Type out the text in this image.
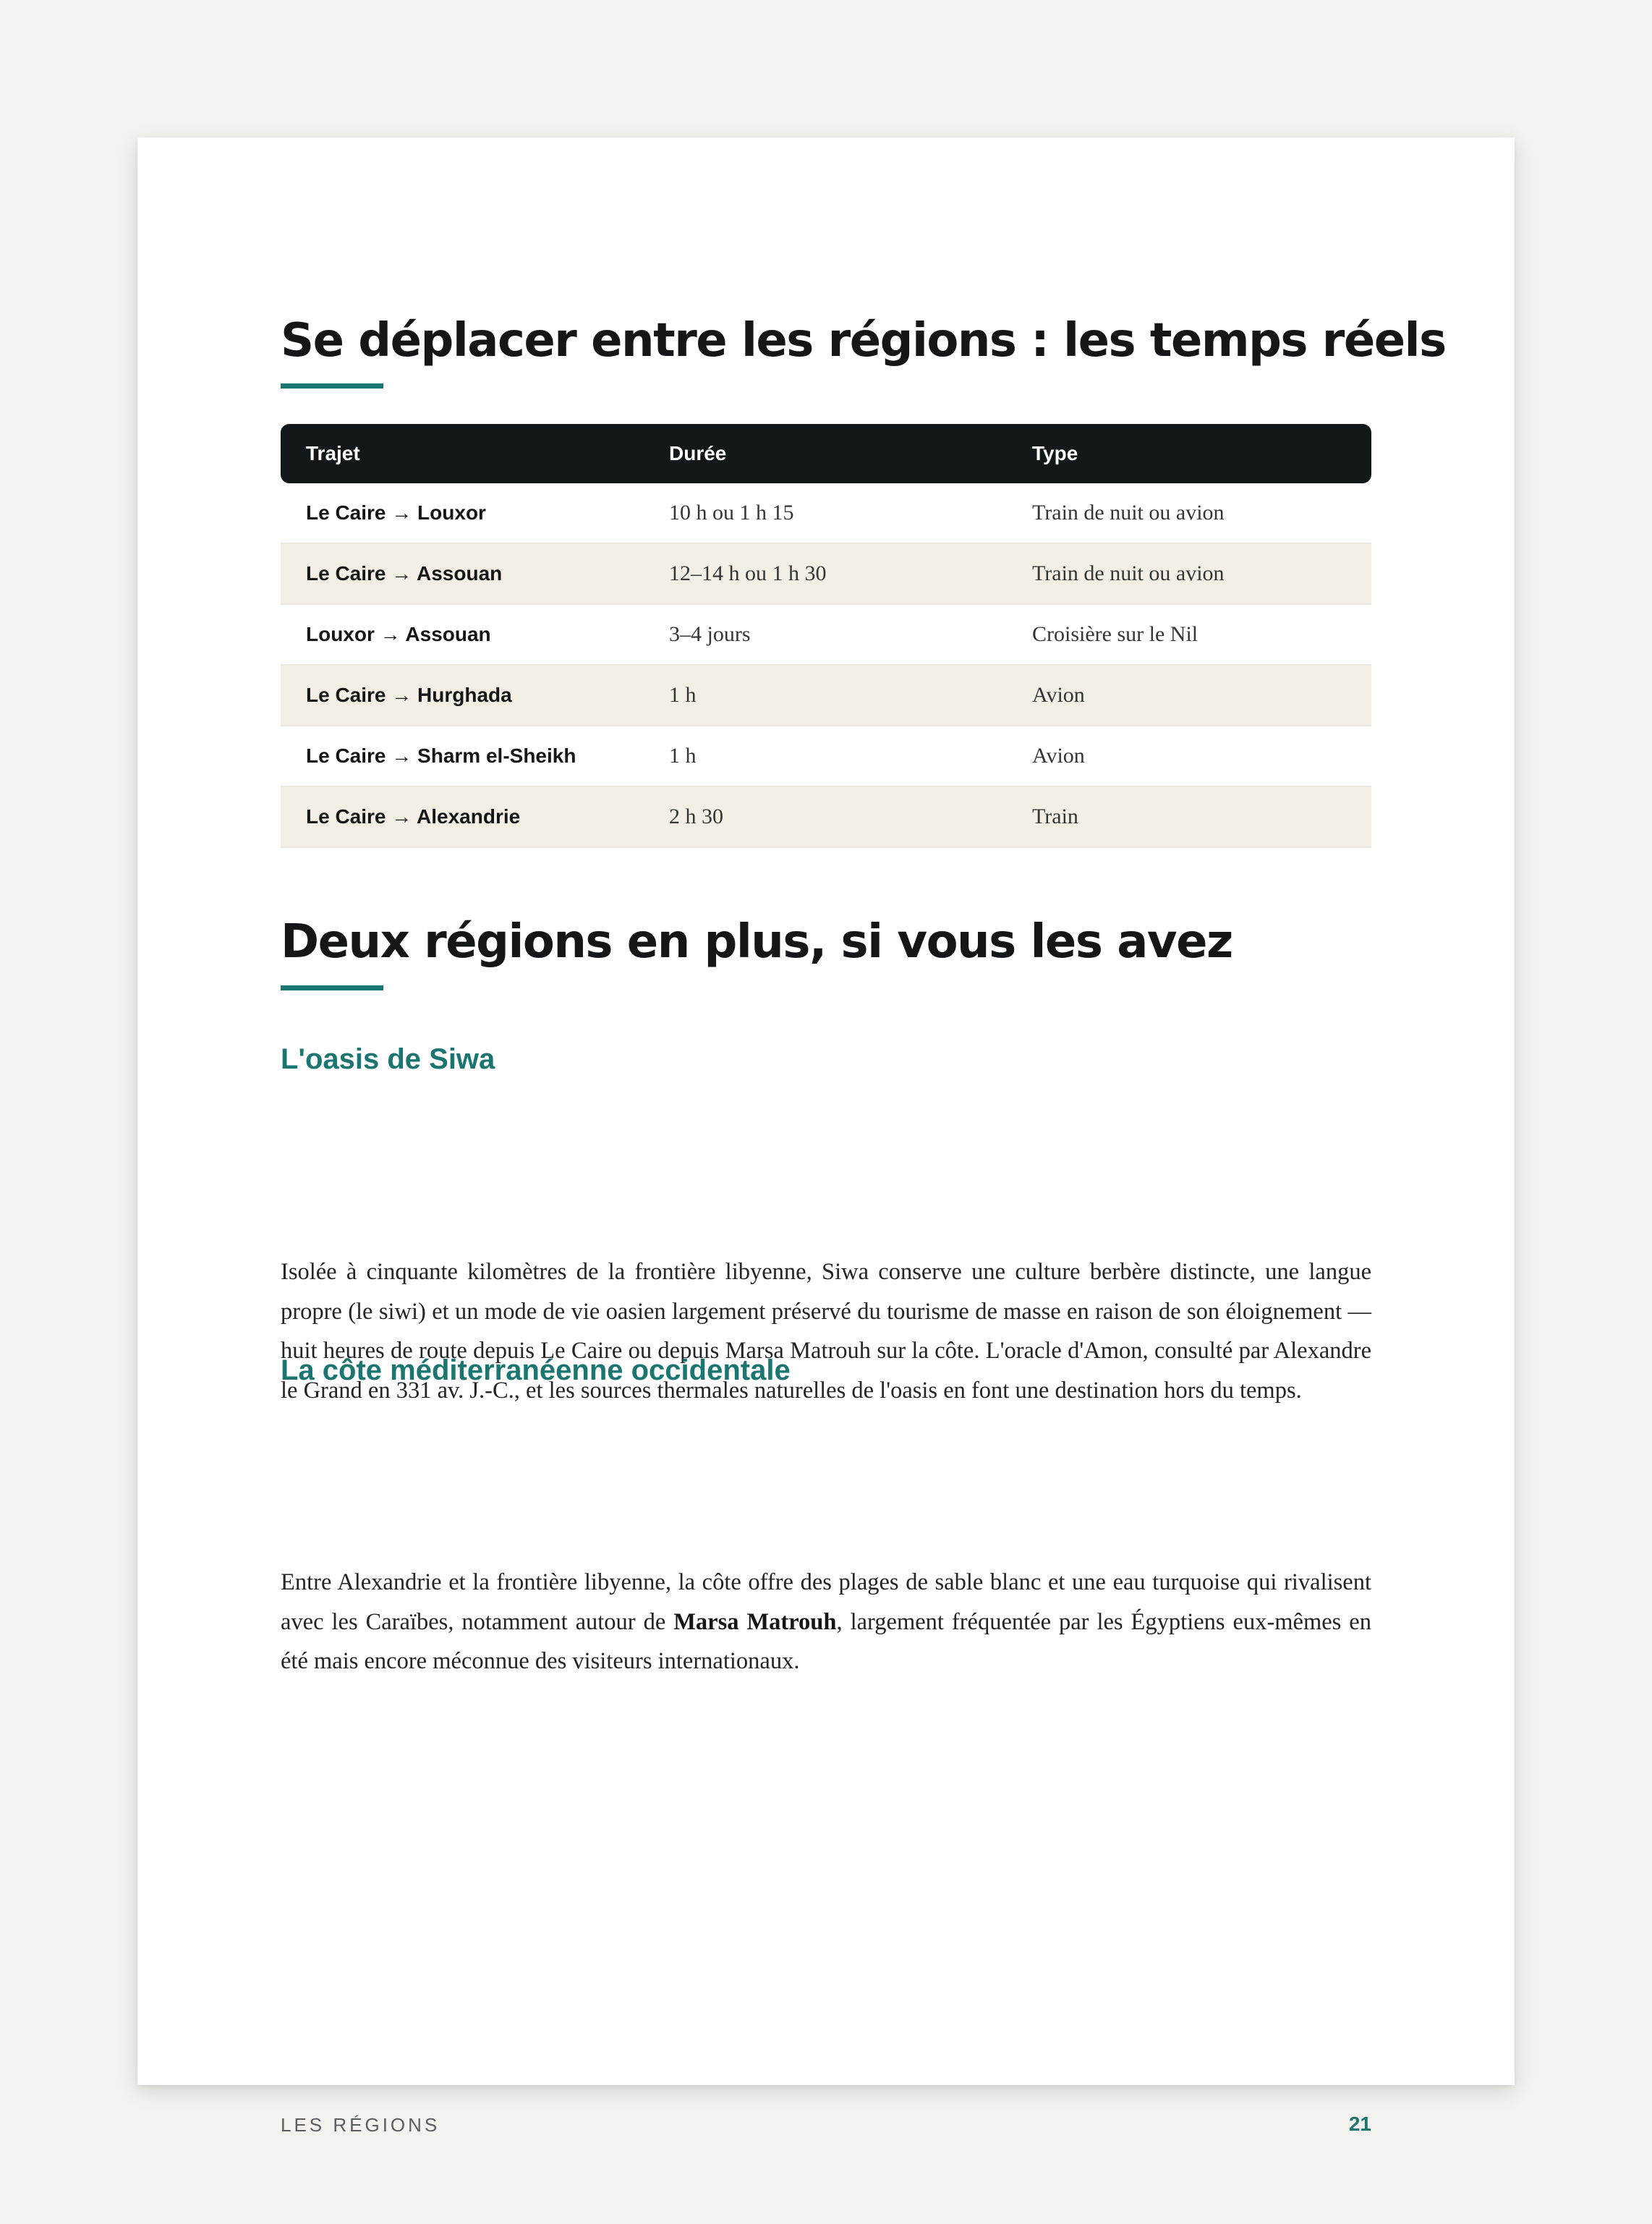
Se déplacer entre les régions : les temps réels
Trajet	Durée	Type
Le Caire → Louxor	10 h ou 1 h 15	Train de nuit ou avion
Le Caire → Assouan	12–14 h ou 1 h 30	Train de nuit ou avion
Louxor → Assouan	3–4 jours	Croisière sur le Nil
Le Caire → Hurghada	1 h	Avion
Le Caire → Sharm el-Sheikh	1 h	Avion
Le Caire → Alexandrie	2 h 30	Train
Deux régions en plus, si vous les avez
L'oasis de Siwa

Isolée à cinquante kilomètres de la frontière libyenne, Siwa conserve une culture berbère distincte, une langue propre (le siwi) et un mode de vie oasien largement préservé du tourisme de masse en raison de son éloignement — huit heures de route depuis Le Caire ou depuis Marsa Matrouh sur la côte. L'oracle d'Amon, consulté par Alexandre le Grand en 331 av. J.-C., et les sources thermales naturelles de l'oasis en font une destination hors du temps.

La côte méditerranéenne occidentale

Entre Alexandrie et la frontière libyenne, la côte offre des plages de sable blanc et une eau turquoise qui rivalisent avec les Caraïbes, notamment autour de Marsa Matrouh, largement fréquentée par les Égyptiens eux-mêmes en été mais encore méconnue des visiteurs internationaux.

LES RÉGIONS	21
